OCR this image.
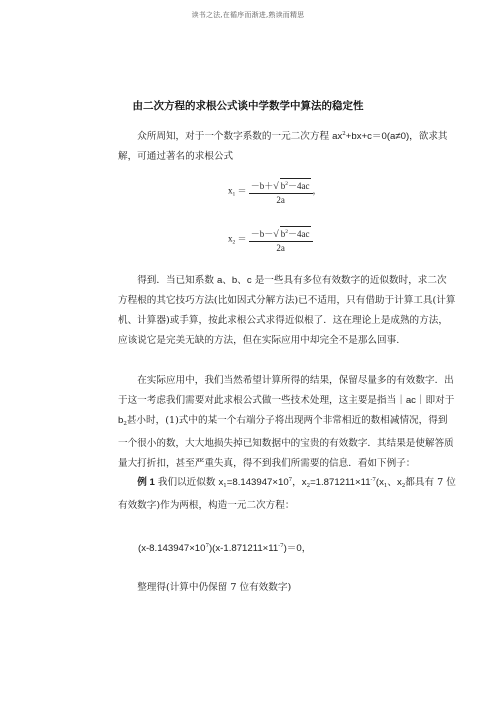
读书之法,在循序而渐进,熟读而精思
由二次方程的求根公式谈中学数学中算法的稳定性
众所周知，对于一个数字系数的一元二次方程 $ax^2+bx+c=0(a\ne 0)$，欲求其解，可通过著名的求根公式
$x_1 = \frac{-b+√ b^2-4ac}{2a}$ ，
$x_2 = \frac{-b-√ b^2-4ac}{2a}$
得到．当已知系数 a、b、c 是一些具有多位有效数字的近似数时，求二次方程根的其它技巧方法(比如因式分解方法)已不适用，只有借助于计算工具(计算机、计算器)或手算，按此求根公式求得近似根了．这在理论上是成熟的方法，应该说它是完美无缺的方法，但在实际应用中却完全不是那么回事.
在实际应用中，我们当然希望计算所得的结果，保留尽量多的有效数字．出于这一考虑我们需要对此求根公式做一些技术处理，这主要是指当｜ac｜即对于$b_2$甚小时，(1)式中的某一个右端分子将出现两个非常相近的数相减情况，得到一个很小的数，大大地损失掉已知数据中的宝贵的有效数字．其结果是使解答质量大打折扣，甚至严重失真，得不到我们所需要的信息．看如下例子：
例 1 我们以近似数 $x_1=8.143947\times 10^7$，$x_2=1.871211\times 11^{-7}(x_1$、$x_2$都具有 7 位有效数字)作为两根，构造一元二次方程：
$(x-8.143947\times 10^7)(x-1.871211\times 11^{-7})=0$，
整理得(计算中仍保留 7 位有效数字)
